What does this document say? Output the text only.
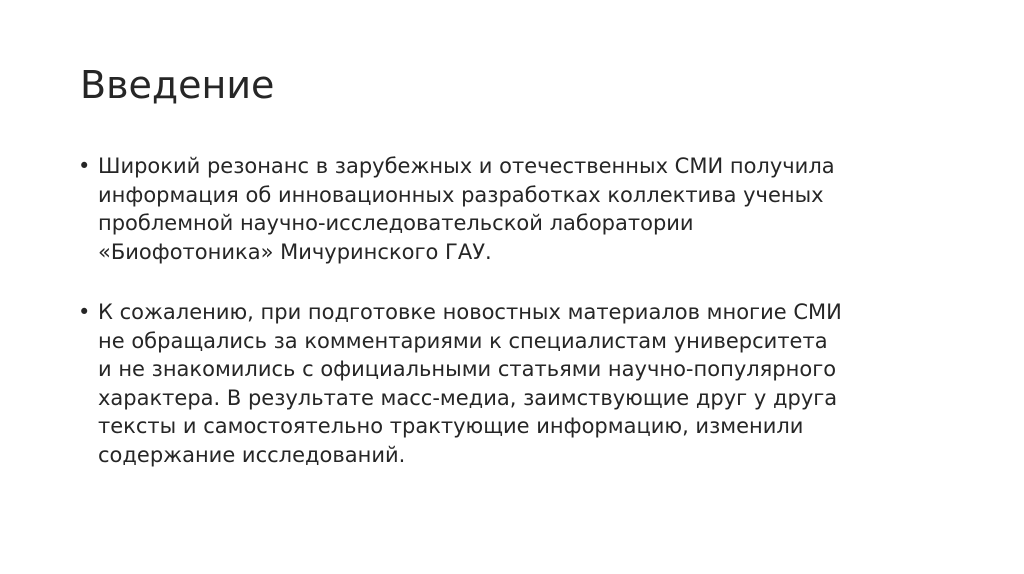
Введение
• Широкий резонанс в зарубежных и отечественных СМИ получила
информация об инновационных разработках коллектива ученых
проблемной научно-исследовательской лаборатории
«Биофотоника» Мичуринского ГАУ.
• К сожалению, при подготовке новостных материалов многие СМИ
не обращались за комментариями к специалистам университета
и не знакомились с официальными статьями научно-популярного
характера. В результате масс-медиа, заимствующие друг у друга
тексты и самостоятельно трактующие информацию, изменили
содержание исследований.
